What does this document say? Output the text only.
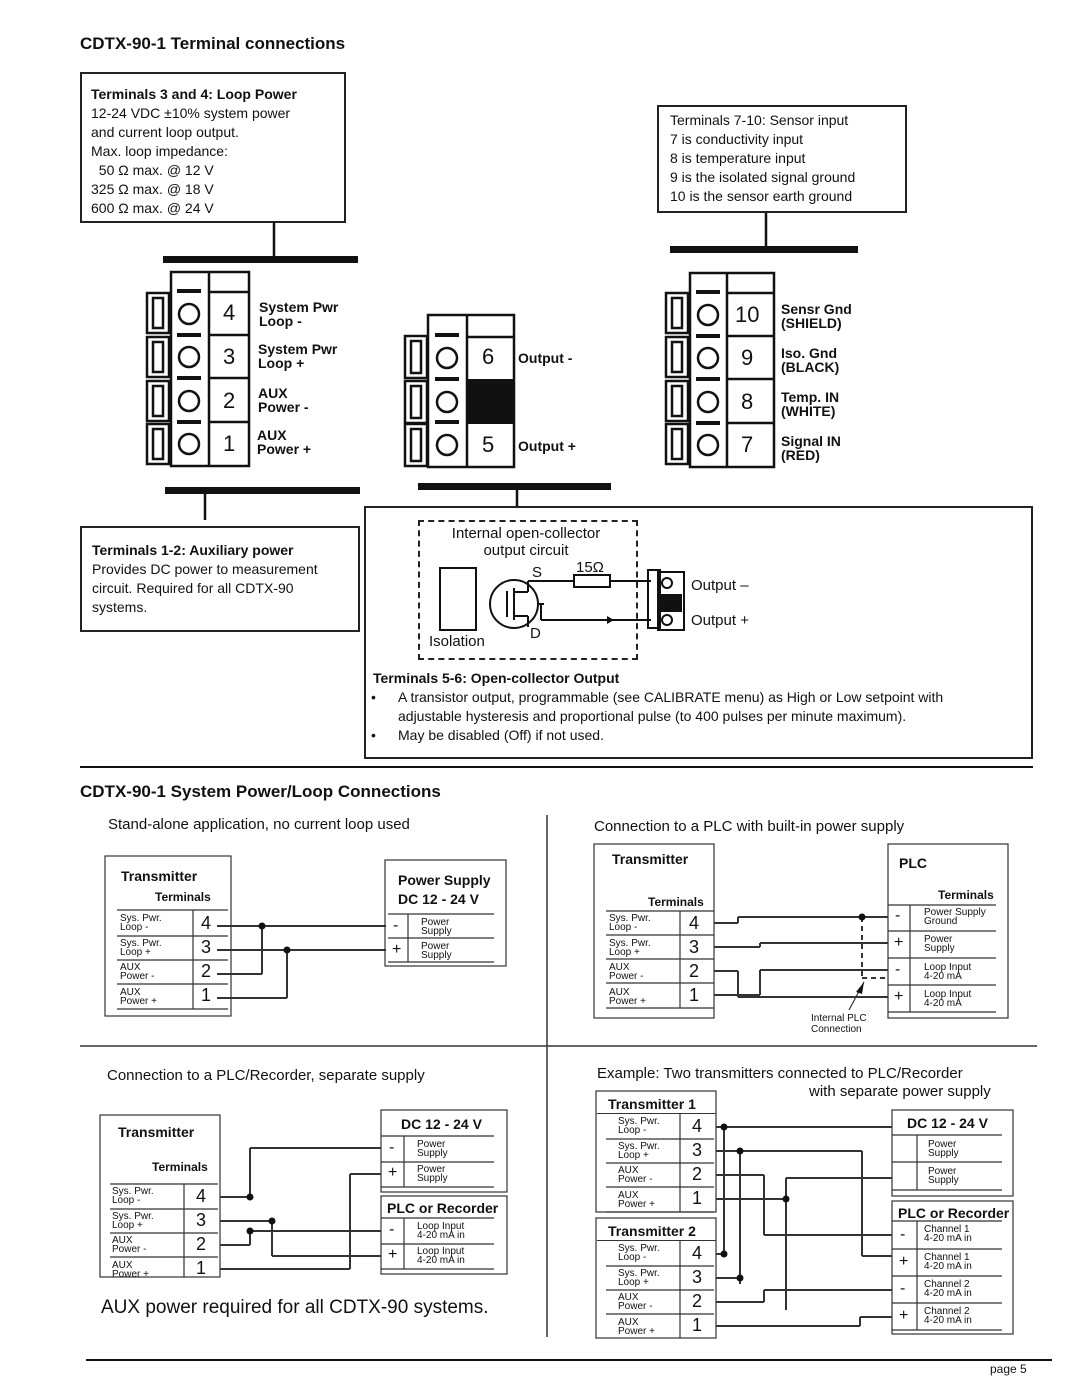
CDTX-90-1 Terminal connections
Terminals 3 and 4: Loop Power
12-24 VDC ±10% system power
and current loop output.
Max. loop impedance:
50 Ω max. @ 12 V
325 Ω max. @ 18 V
600 Ω max. @ 24 V
Terminals 7-10: Sensor input
7 is conductivity input
8 is temperature input
9 is the isolated signal ground
10 is the sensor earth ground
4
3
2
1
System Pwr
Loop -
System Pwr
Loop +
AUX
Power -
AUX
Power +
6
5
Output -
Output +
10
9
8
7
Sensr Gnd
(SHIELD)
Iso. Gnd
(BLACK)
Temp. IN
(WHITE)
Signal IN
(RED)
Terminals 1-2: Auxiliary power
Provides DC power to measurement
circuit. Required for all CDTX-90
systems.
Internal open-collector
output circuit
S
D
15Ω
Isolation
Output –
Output +
Terminals 5-6: Open-collector Output
• A transistor output, programmable (see CALIBRATE menu) as High or Low setpoint with
adjustable hysteresis and proportional pulse (to 400 pulses per minute maximum).
• May be disabled (Off) if not used.
CDTX-90-1 System Power/Loop Connections
Stand-alone application, no current loop used
Transmitter
Terminals
Sys. Pwr.
Loop -
Sys. Pwr.
Loop +
AUX
Power -
AUX
Power +
4
3
2
1
Power Supply
DC 12 - 24 V
-
+
Power
Supply
Power
Supply
Connection to a PLC with built-in power supply
Transmitter
Terminals
Sys. Pwr.
Loop -
Sys. Pwr.
Loop +
AUX
Power -
AUX
Power +
4
3
2
1
PLC
Terminals
-
+
-
+
Power Supply
Ground
Power
Supply
Loop Input
4-20 mA
Loop Input
4-20 mA
Internal PLC
Connection
Connection to a PLC/Recorder, separate supply
Transmitter
Terminals
Sys. Pwr.
Loop -
Sys. Pwr.
Loop +
AUX
Power -
AUX
Power +
4
3
2
1
DC 12 - 24 V
-
+
Power
Supply
Power
Supply
PLC or Recorder
-
+
Loop Input
4-20 mA in
Loop Input
4-20 mA in
AUX power required for all CDTX-90 systems.
Example: Two transmitters connected to PLC/Recorder
with separate power supply
Transmitter 1
Transmitter 2
Sys. Pwr.
Loop -
Sys. Pwr.
Loop +
AUX
Power -
AUX
Power +
4
3
2
1
Sys. Pwr.
Loop -
Sys. Pwr.
Loop +
AUX
Power -
AUX
Power +
4
3
2
1
DC 12 - 24 V
Power
Supply
Power
Supply
PLC or Recorder
-
+
-
+
Channel 1
4-20 mA in
Channel 1
4-20 mA in
Channel 2
4-20 mA in
Channel 2
4-20 mA in
page 5
